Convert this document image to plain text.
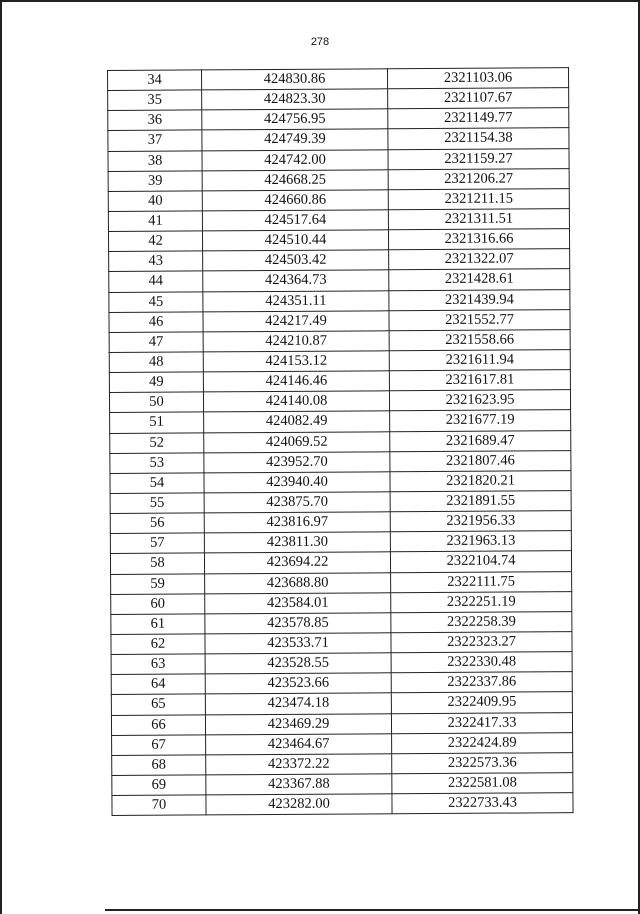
278
34	424830.86	2321103.06
35	424823.30	2321107.67
36	424756.95	2321149.77
37	424749.39	2321154.38
38	424742.00	2321159.27
39	424668.25	2321206.27
40	424660.86	2321211.15
41	424517.64	2321311.51
42	424510.44	2321316.66
43	424503.42	2321322.07
44	424364.73	2321428.61
45	424351.11	2321439.94
46	424217.49	2321552.77
47	424210.87	2321558.66
48	424153.12	2321611.94
49	424146.46	2321617.81
50	424140.08	2321623.95
51	424082.49	2321677.19
52	424069.52	2321689.47
53	423952.70	2321807.46
54	423940.40	2321820.21
55	423875.70	2321891.55
56	423816.97	2321956.33
57	423811.30	2321963.13
58	423694.22	2322104.74
59	423688.80	2322111.75
60	423584.01	2322251.19
61	423578.85	2322258.39
62	423533.71	2322323.27
63	423528.55	2322330.48
64	423523.66	2322337.86
65	423474.18	2322409.95
66	423469.29	2322417.33
67	423464.67	2322424.89
68	423372.22	2322573.36
69	423367.88	2322581.08
70	423282.00	2322733.43
